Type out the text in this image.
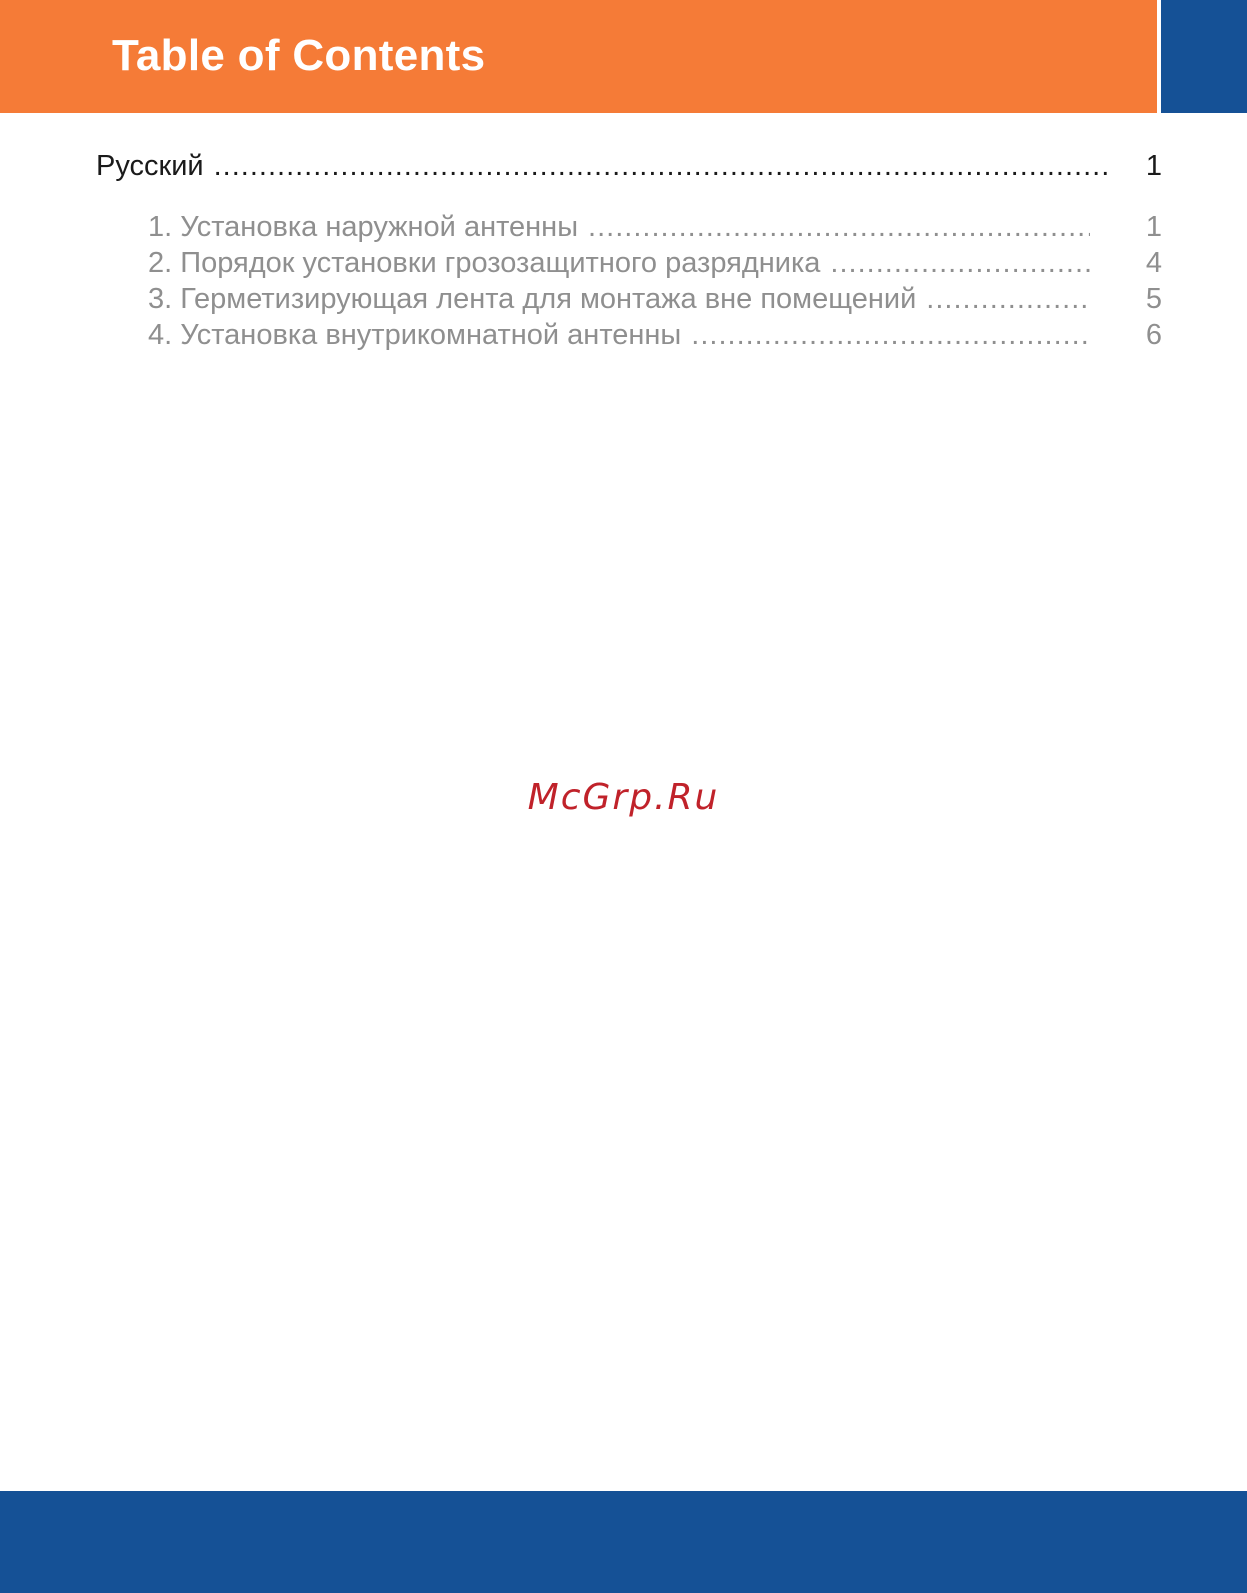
Table of Contents
Русский .....	1
1. Установка наружной антенны .....	1
2. Порядок установки грозозащитного разрядника .....	4
3. Герметизирующая лента для монтажа вне помещений .....	5
4. Установка внутрикомнатной антенны .....	6
McGrp.Ru
